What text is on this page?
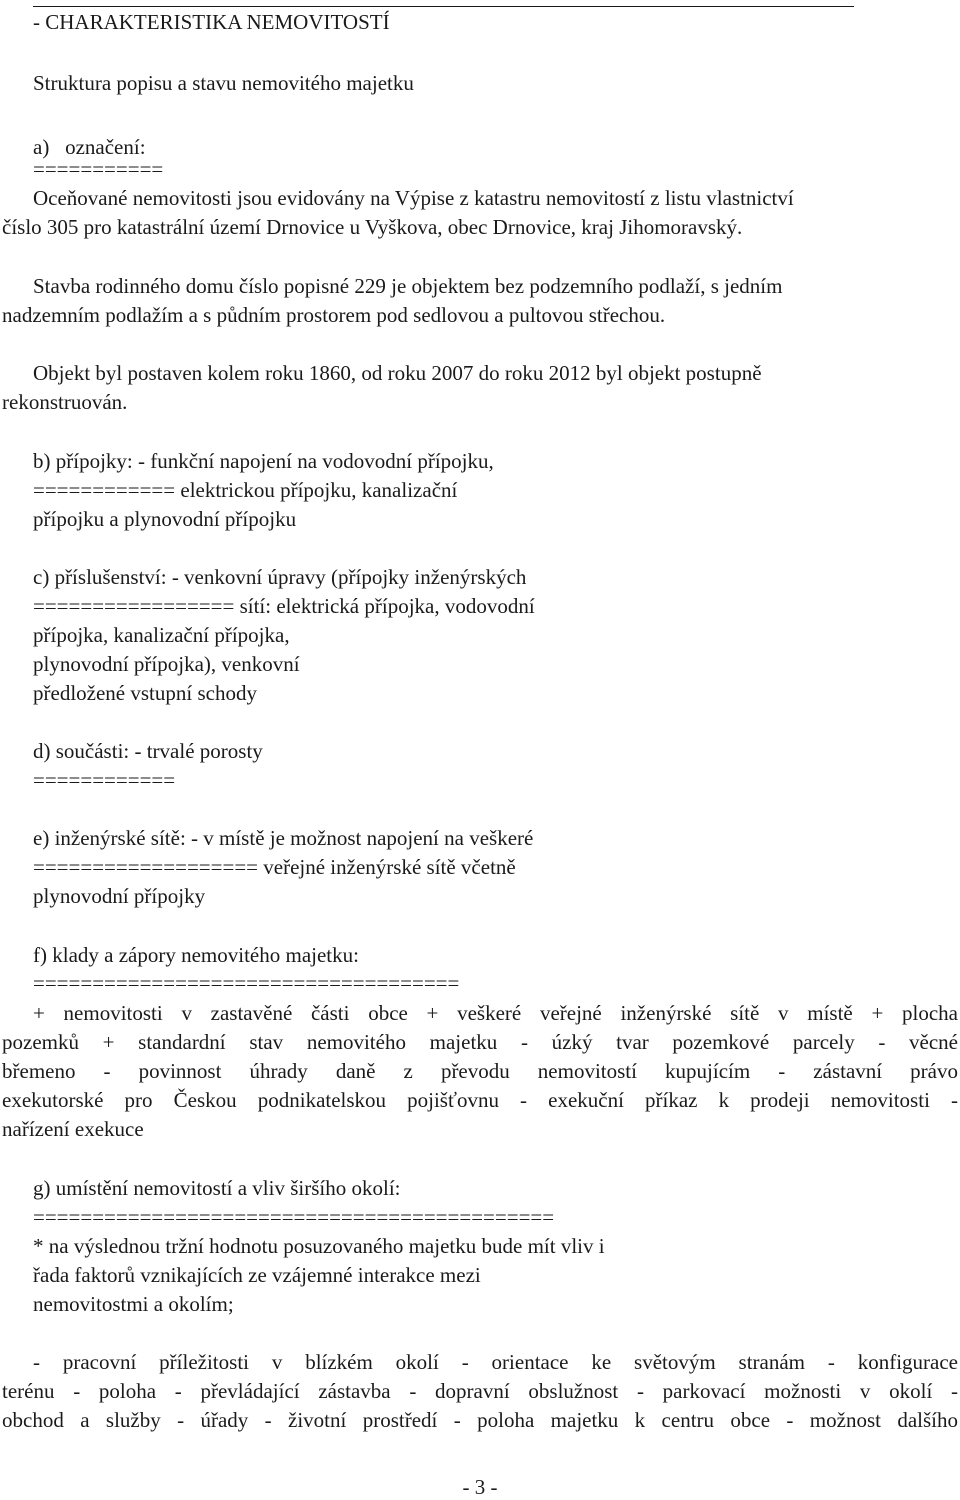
- CHARAKTERISTIKA NEMOVITOSTÍ
Struktura popisu a stavu nemovitého majetku
a) označení:
===========
Oceňované nemovitosti jsou evidovány na Výpise z katastru nemovitostí z listu vlastnictví
číslo 305 pro katastrální území Drnovice u Vyškova, obec Drnovice, kraj Jihomoravský.
Stavba rodinného domu číslo popisné 229 je objektem bez podzemního podlaží, s jedním
nadzemním podlažím a s půdním prostorem pod sedlovou a pultovou střechou.
Objekt byl postaven kolem roku 1860, od roku 2007 do roku 2012 byl objekt postupně
rekonstruován.
b) přípojky: - funkční napojení na vodovodní přípojku,
============ elektrickou přípojku, kanalizační
přípojku a plynovodní přípojku
c) příslušenství: - venkovní úpravy (přípojky inženýrských
================= sítí: elektrická přípojka, vodovodní
přípojka, kanalizační přípojka,
plynovodní přípojka), venkovní
předložené vstupní schody
d) součásti: - trvalé porosty
============
e) inženýrské sítě: - v místě je možnost napojení na veškeré
=================== veřejné inženýrské sítě včetně
plynovodní přípojky
f) klady a zápory nemovitého majetku:
====================================
+ nemovitosti v zastavěné části obce + veškeré veřejné inženýrské sítě v místě + plocha
pozemků + standardní stav nemovitého majetku - úzký tvar pozemkové parcely - věcné
břemeno - povinnost úhrady daně z převodu nemovitostí kupujícím - zástavní právo
exekutorské pro Českou podnikatelskou pojišťovnu - exekuční příkaz k prodeji nemovitosti -
nařízení exekuce
g) umístění nemovitostí a vliv širšího okolí:
============================================
* na výslednou tržní hodnotu posuzovaného majetku bude mít vliv i
řada faktorů vznikajících ze vzájemné interakce mezi
nemovitostmi a okolím;
- pracovní příležitosti v blízkém okolí - orientace ke světovým stranám - konfigurace
terénu - poloha - převládající zástavba - dopravní obslužnost - parkovací možnosti v okolí -
obchod a služby - úřady - životní prostředí - poloha majetku k centru obce - možnost dalšího
- 3 -
